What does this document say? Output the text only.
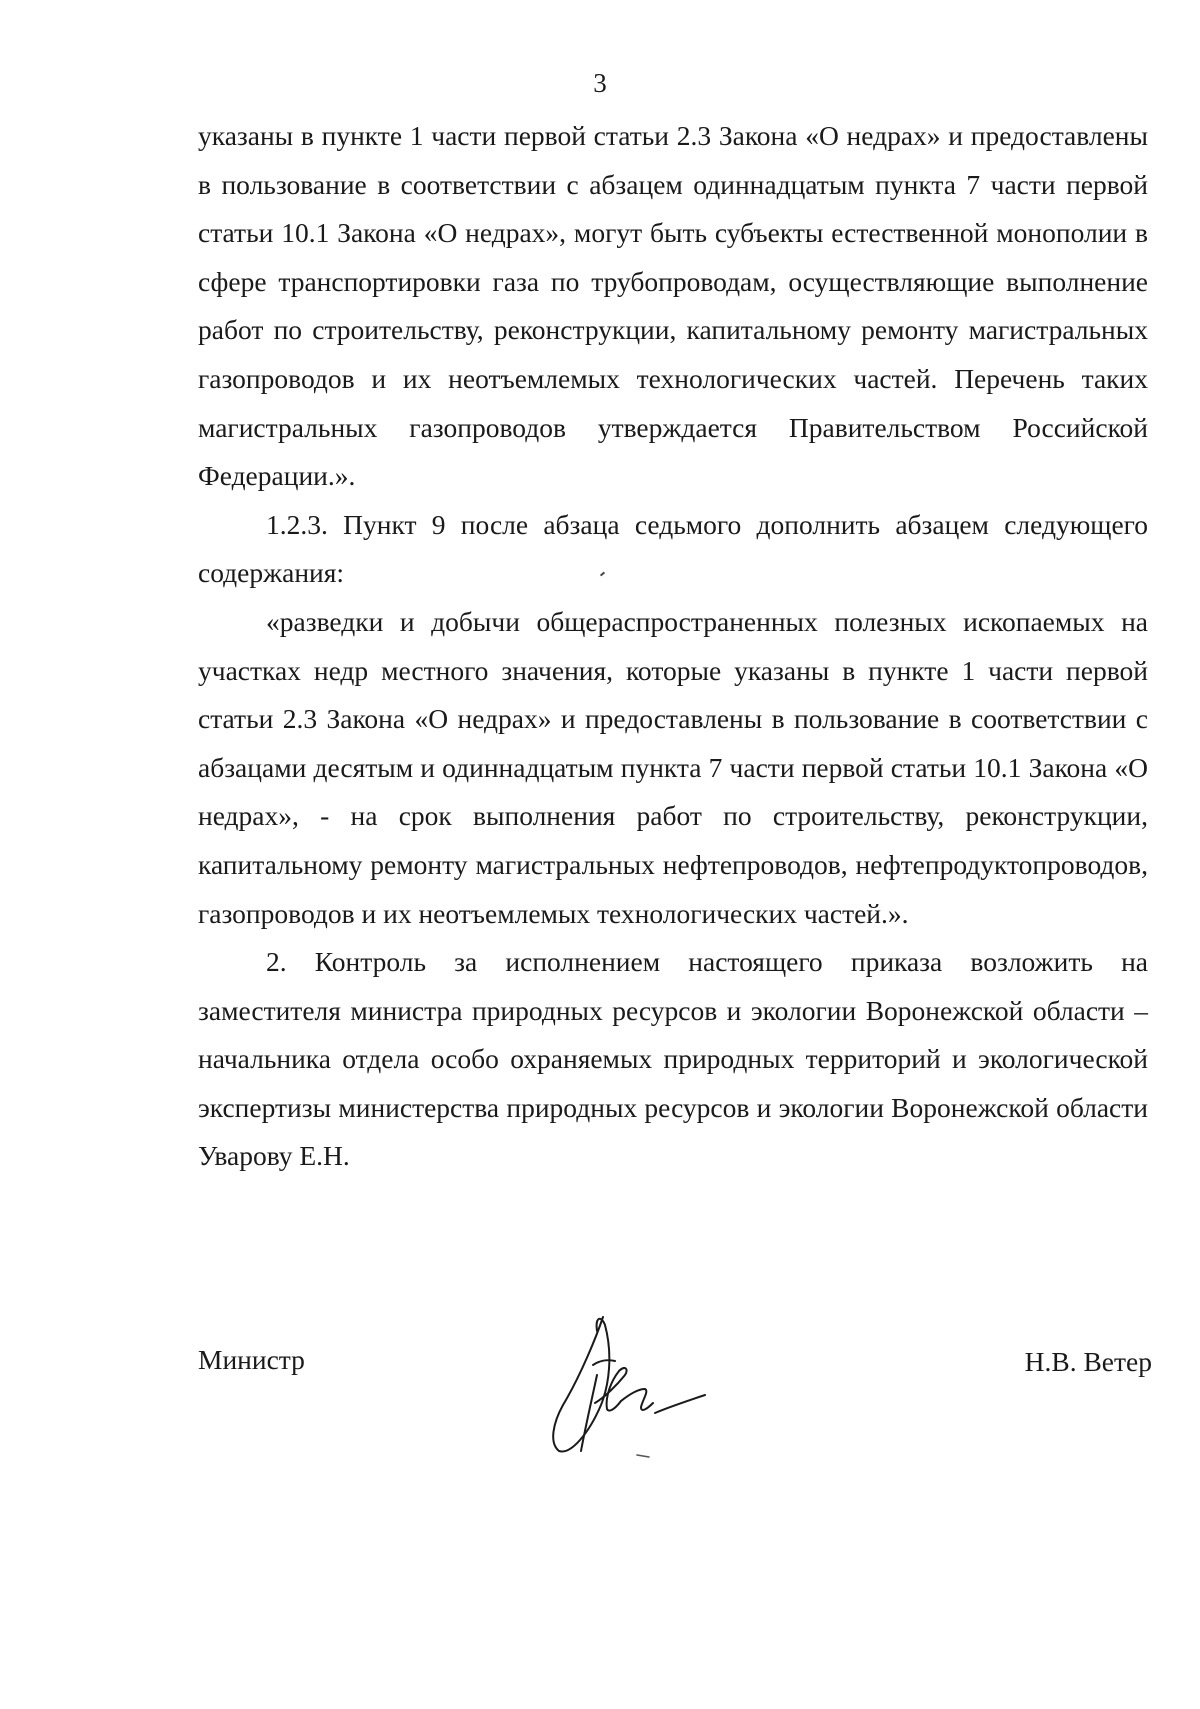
3

указаны в пункте 1 части первой статьи 2.3 Закона «О недрах» и предоставлены в пользование в соответствии с абзацем одиннадцатым пункта 7 части первой статьи 10.1 Закона «О недрах», могут быть субъекты естественной монополии в сфере транспортировки газа по трубопроводам, осуществляющие выполнение работ по строительству, реконструкции, капитальному ремонту магистральных газопроводов и их неотъемлемых технологических частей. Перечень таких магистральных газопроводов утверждается Правительством Российской Федерации.».

1.2.3. Пункт 9 после абзаца седьмого дополнить абзацем следующего содержания:

«разведки и добычи общераспространенных полезных ископаемых на участках недр местного значения, которые указаны в пункте 1 части первой статьи 2.3 Закона «О недрах» и предоставлены в пользование в соответствии с абзацами десятым и одиннадцатым пункта 7 части первой статьи 10.1 Закона «О недрах», - на срок выполнения работ по строительству, реконструкции, капитальному ремонту магистральных нефтепроводов, нефтепродуктопроводов, газопроводов и их неотъемлемых технологических частей.».

2. Контроль за исполнением настоящего приказа возложить на заместителя министра природных ресурсов и экологии Воронежской области – начальника отдела особо охраняемых природных территорий и экологической экспертизы министерства природных ресурсов и экологии Воронежской области Уварову Е.Н.

Министр	Н.В. Ветер
